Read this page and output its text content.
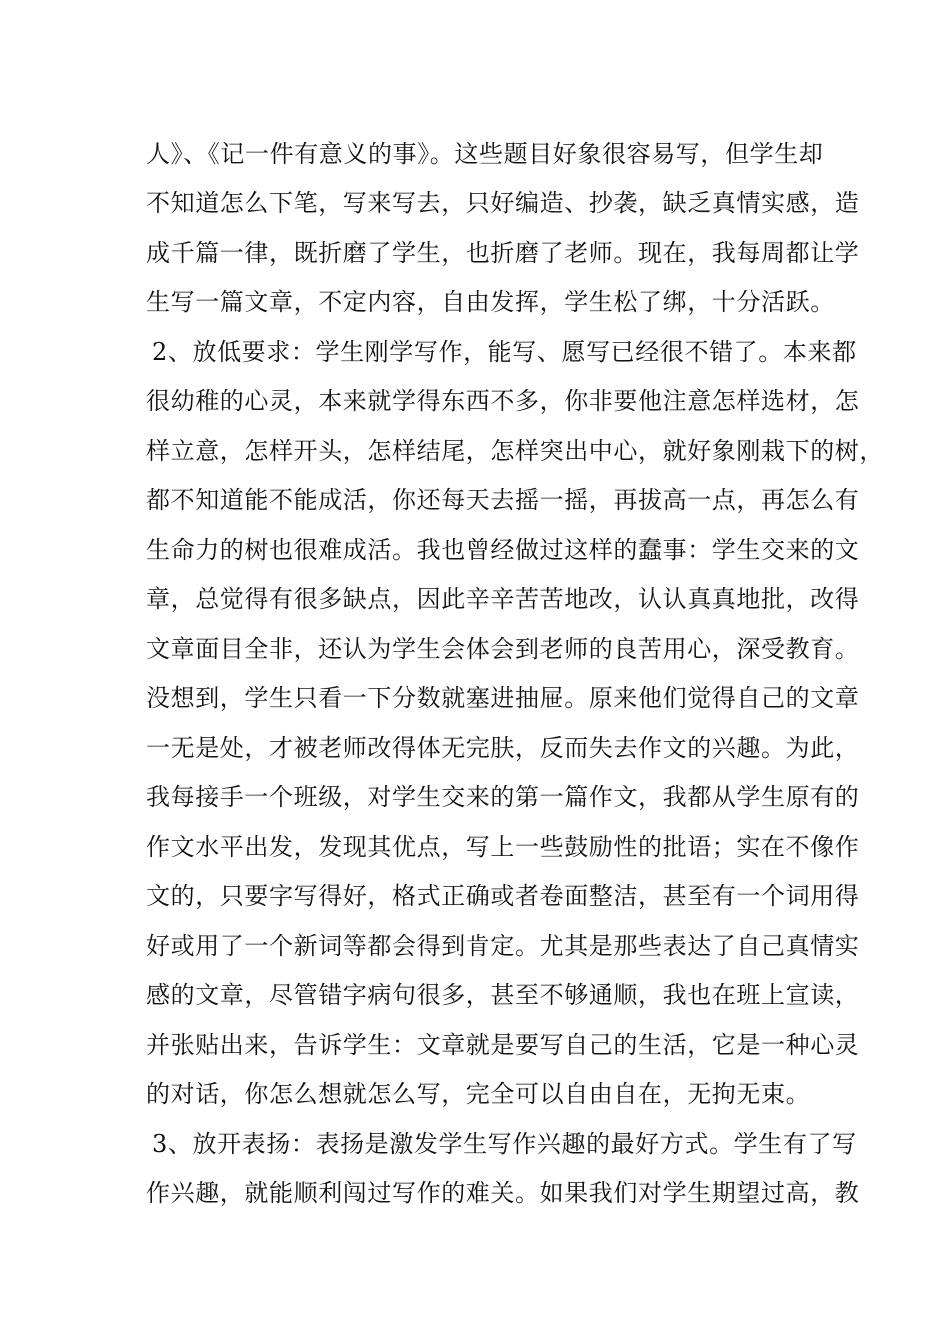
人》、《记一件有意义的事》。这些题目好象很容易写，但学生却
不知道怎么下笔，写来写去，只好编造、抄袭，缺乏真情实感，造
成千篇一律，既折磨了学生，也折磨了老师。现在，我每周都让学
生写一篇文章，不定内容，自由发挥，学生松了绑，十分活跃。
2、放低要求：学生刚学写作，能写、愿写已经很不错了。本来都
很幼稚的心灵，本来就学得东西不多，你非要他注意怎样选材，怎
样立意，怎样开头，怎样结尾，怎样突出中心，就好象刚栽下的树，
都不知道能不能成活，你还每天去摇一摇，再拔高一点，再怎么有
生命力的树也很难成活。我也曾经做过这样的蠢事：学生交来的文
章，总觉得有很多缺点，因此辛辛苦苦地改，认认真真地批，改得
文章面目全非，还认为学生会体会到老师的良苦用心，深受教育。
没想到，学生只看一下分数就塞进抽屉。原来他们觉得自己的文章
一无是处，才被老师改得体无完肤，反而失去作文的兴趣。为此，
我每接手一个班级，对学生交来的第一篇作文，我都从学生原有的
作文水平出发，发现其优点，写上一些鼓励性的批语；实在不像作
文的，只要字写得好，格式正确或者卷面整洁，甚至有一个词用得
好或用了一个新词等都会得到肯定。尤其是那些表达了自己真情实
感的文章，尽管错字病句很多，甚至不够通顺，我也在班上宣读，
并张贴出来，告诉学生：文章就是要写自己的生活，它是一种心灵
的对话，你怎么想就怎么写，完全可以自由自在，无拘无束。
3、放开表扬：表扬是激发学生写作兴趣的最好方式。学生有了写
作兴趣，就能顺利闯过写作的难关。如果我们对学生期望过高，教
